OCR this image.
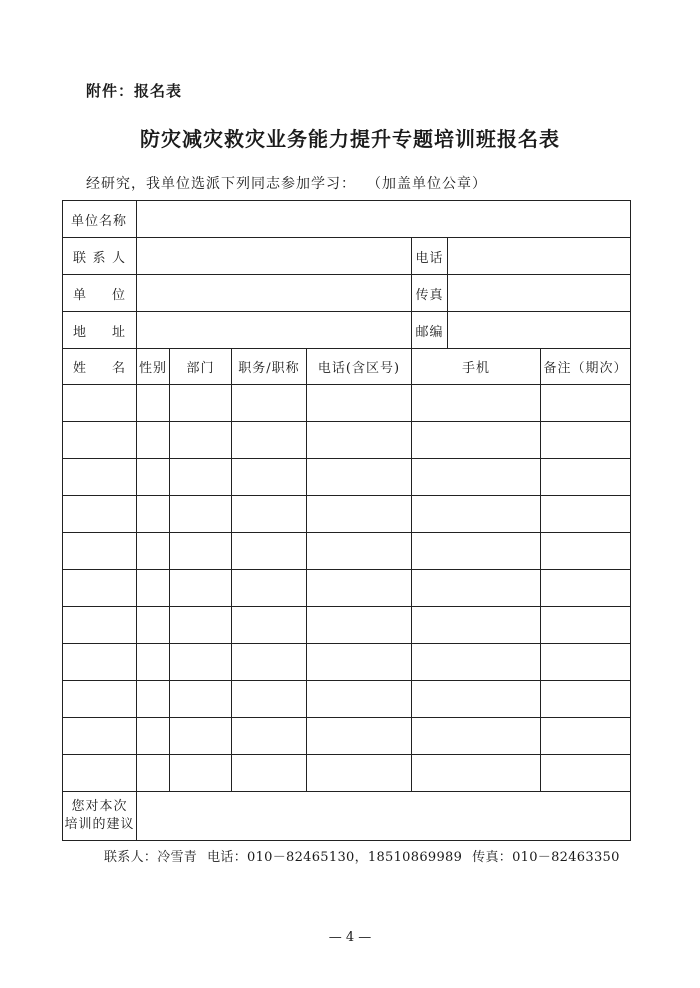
附件：报名表
防灾减灾救灾业务能力提升专题培训班报名表
经研究，我单位选派下列同志参加学习： （加盖单位公章）
单位名称							
联系人					电话		
单位					传真		
地址					邮编		
姓名	性别	部门	职务/职称	电话(含区号)	手机		备注（期次）

您对本次
培训的建议							

联系人：冷雪青 电话：010－82465130，18510869989 传真：010－82463350
— 4 —
